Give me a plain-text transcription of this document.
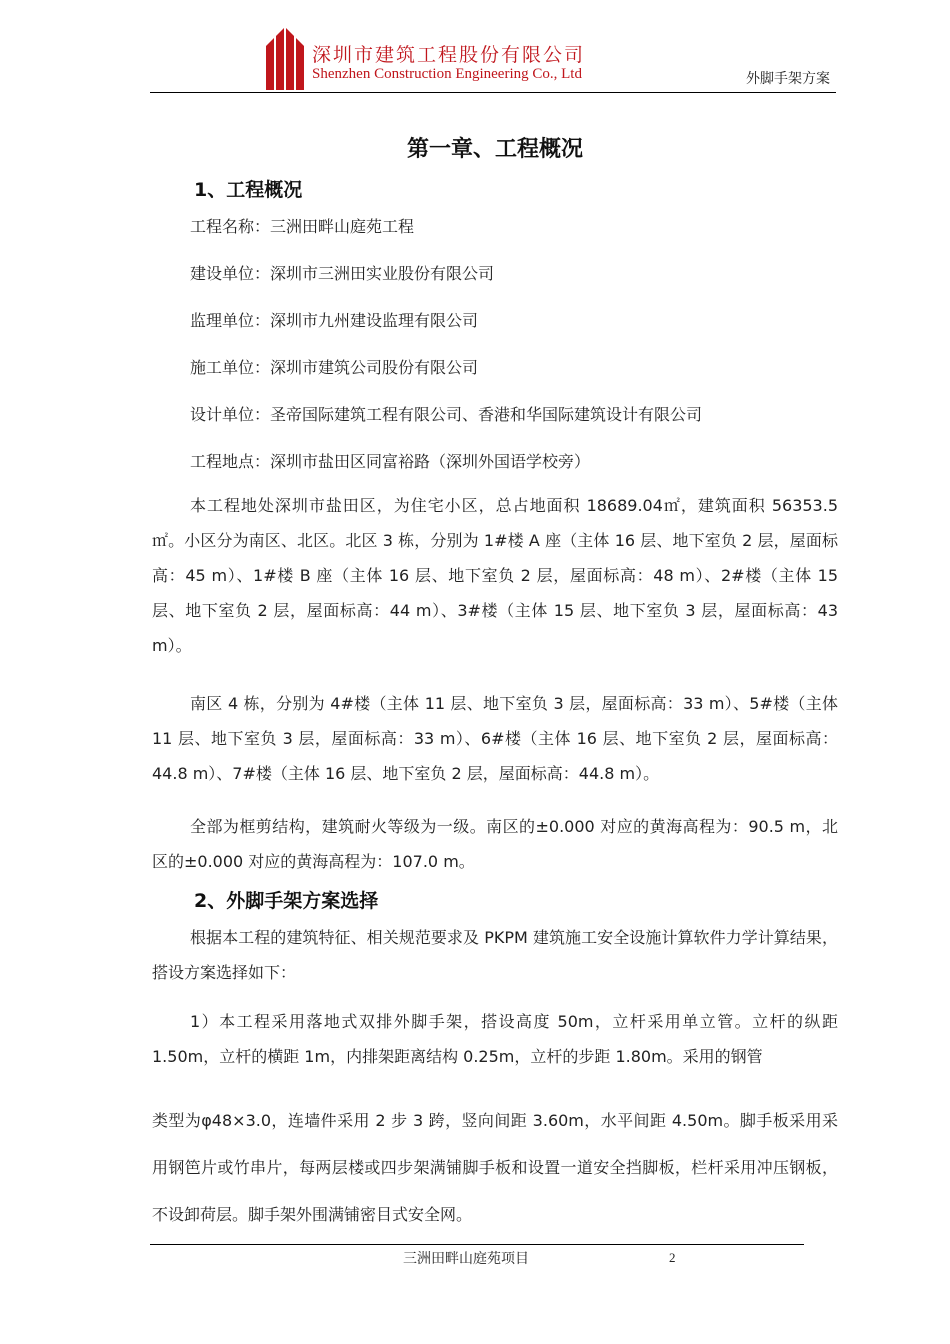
深圳市建筑工程股份有限公司
Shenzhen Construction Engineering Co., Ltd	外脚手架方案
第一章、工程概况
1、工程概况
工程名称：三洲田畔山庭苑工程
建设单位：深圳市三洲田实业股份有限公司
监理单位：深圳市九州建设监理有限公司
施工单位：深圳市建筑公司股份有限公司
设计单位：圣帝国际建筑工程有限公司、香港和华国际建筑设计有限公司
工程地点：深圳市盐田区同富裕路（深圳外国语学校旁）

本工程地处深圳市盐田区，为住宅小区，总占地面积 18689.04㎡，建筑面积 56353.5㎡。小区分为南区、北区。北区 3 栋，分别为 1#楼 A 座（主体 16 层、地下室负 2 层，屋面标高：45 m）、1#楼 B 座（主体 16 层、地下室负 2 层，屋面标高：48 m）、2#楼（主体 15 层、地下室负 2 层，屋面标高：44 m）、3#楼（主体 15 层、地下室负 3 层，屋面标高：43 m）。

南区 4 栋，分别为 4#楼（主体 11 层、地下室负 3 层，屋面标高：33 m）、5#楼（主体 11 层、地下室负 3 层，屋面标高：33 m）、6#楼（主体 16 层、地下室负 2 层，屋面标高：44.8 m）、7#楼（主体 16 层、地下室负 2 层，屋面标高：44.8 m）。

全部为框剪结构，建筑耐火等级为一级。南区的±0.000 对应的黄海高程为：90.5 m，北区的±0.000 对应的黄海高程为：107.0 m。

2、外脚手架方案选择

根据本工程的建筑特征、相关规范要求及 PKPM 建筑施工安全设施计算软件力学计算结果，搭设方案选择如下：

1）本工程采用落地式双排外脚手架，搭设高度 50m，立杆采用单立管。立杆的纵距 1.50m，立杆的横距 1m，内排架距离结构 0.25m，立杆的步距 1.80m。采用的钢管

类型为φ48×3.0，连墙件采用 2 步 3 跨，竖向间距 3.60m，水平间距 4.50m。脚手板采用采用钢笆片或竹串片，每两层楼或四步架满铺脚手板和设置一道安全挡脚板，栏杆采用冲压钢板，不设卸荷层。脚手架外围满铺密目式安全网。

三洲田畔山庭苑项目	2
